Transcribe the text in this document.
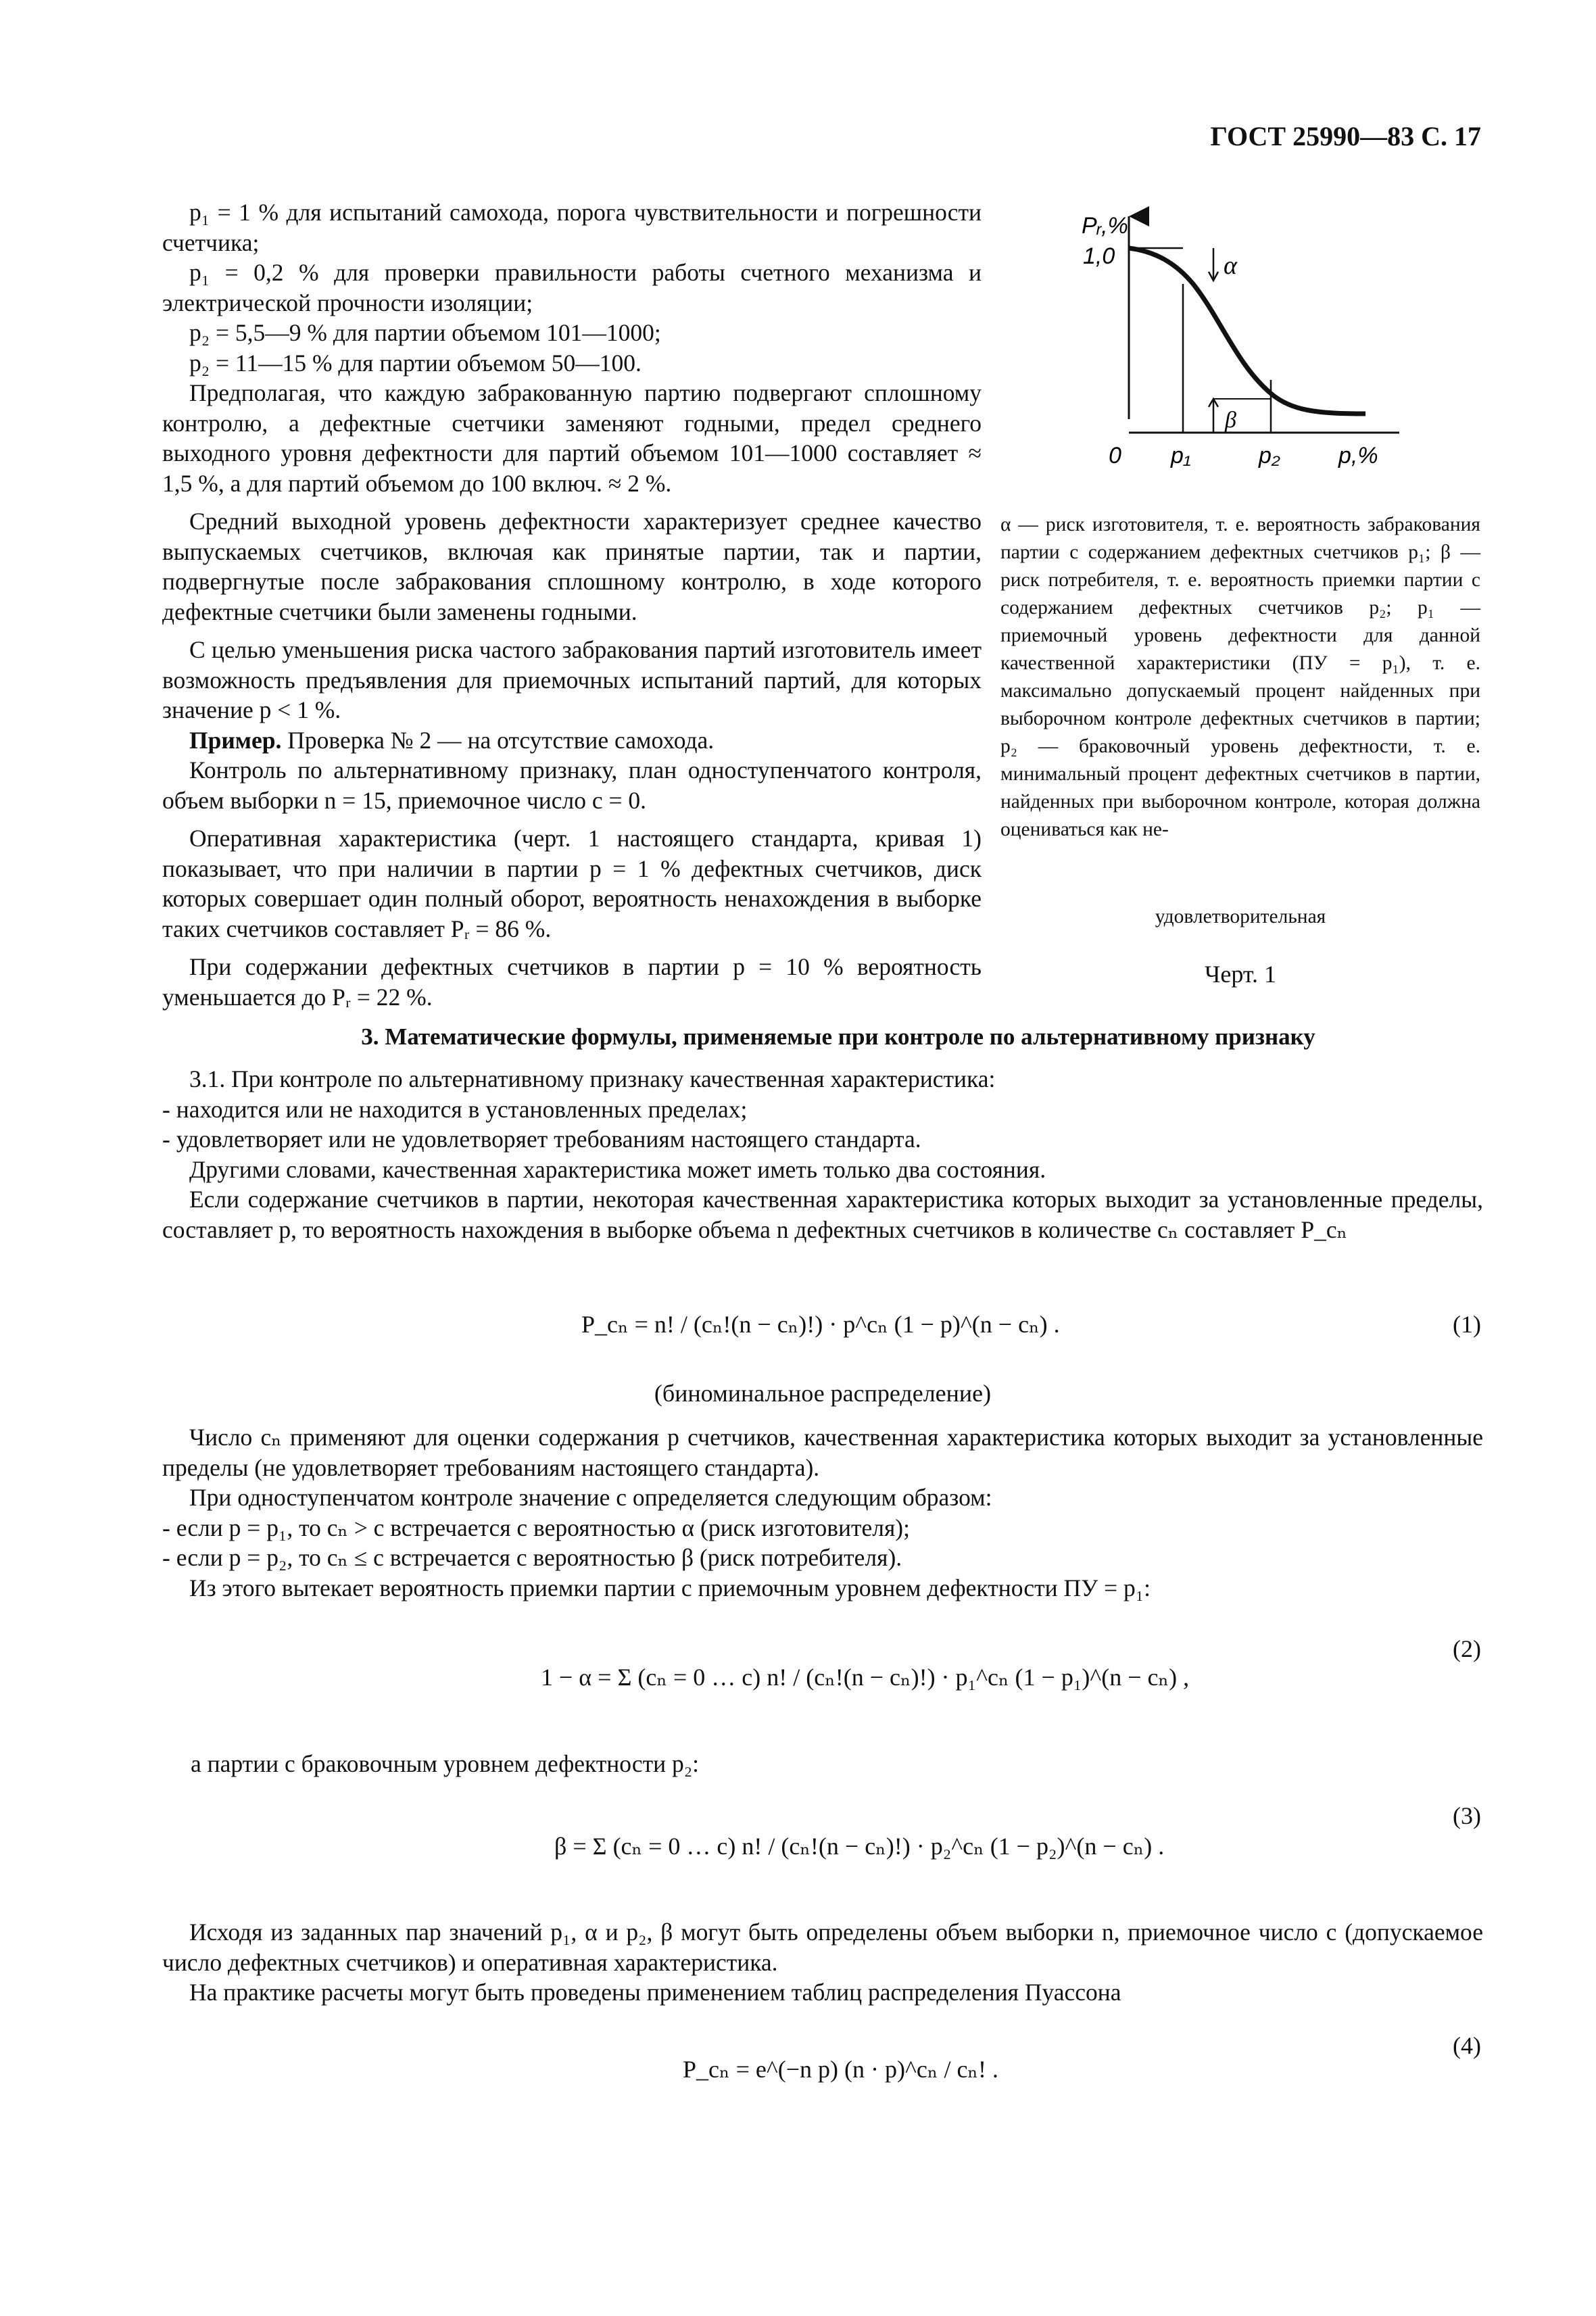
ГОСТ 25990—83 С. 17

p₁ = 1 % для испытаний самохода, порога чувствительности и погрешности счетчика;

p₁ = 0,2 % для проверки правильности работы счетного механизма и электрической прочности изоляции;

p₂ = 5,5—9 % для партии объемом 101—1000;

p₂ = 11—15 % для партии объемом 50—100.

Предполагая, что каждую забракованную партию подвергают сплошному контролю, а дефектные счетчики заменяют годными, предел среднего выходного уровня дефектности для партий объемом 101—1000 составляет ≈ 1,5 %, а для партий объемом до 100 включ. ≈ 2 %.

Средний выходной уровень дефектности характеризует среднее качество выпускаемых счетчиков, включая как принятые партии, так и партии, подвергнутые после забракования сплошному контролю, в ходе которого дефектные счетчики были заменены годными.

С целью уменьшения риска частого забракования партий изготовитель имеет возможность предъявления для приемочных испытаний партий, для которых значение p < 1 %.

Пример. Проверка № 2 — на отсутствие самохода.

Контроль по альтернативному признаку, план одноступенчатого контроля, объем выборки n = 15, приемочное число c = 0.

Оперативная характеристика (черт. 1 настоящего стандарта, кривая 1) показывает, что при наличии в партии p = 1 % дефектных счетчиков, диск которых совершает один полный оборот, вероятность ненахождения в выборке таких счетчиков составляет Pᵣ = 86 %.

При содержании дефектных счетчиков в партии p = 10 % вероятность уменьшается до Pᵣ = 22 %.

Pᵣ,%
1,0	α
β
0 p₁	p₂	p,%
α — риск изготовителя, т. е. вероятность забракования партии с содержанием дефектных счетчиков p₁; β — риск потребителя, т. е. вероятность приемки партии с содержанием дефектных счетчиков p₂; p₁ — приемочный уровень дефектности для данной качественной характеристики (ПУ = p₁), т. е. максимально допускаемый процент найденных при выборочном контроле дефектных счетчиков в партии; p₂ — браковочный уровень дефектности, т. е. минимальный процент дефектных счетчиков в партии, найденных при выборочном контроле, которая должна оцениваться как не-
удовлетворительная
Черт. 1
3. Математические формулы, применяемые при контроле по альтернативному признаку

3.1. При контроле по альтернативному признаку качественная характеристика:

- находится или не находится в установленных пределах;

- удовлетворяет или не удовлетворяет требованиям настоящего стандарта.

Другими словами, качественная характеристика может иметь только два состояния.

Если содержание счетчиков в партии, некоторая качественная характеристика которых выходит за установленные пределы, составляет p, то вероятность нахождения в выборке объема n дефектных счетчиков в количестве cₙ составляет P_cₙ

P_cₙ = n! / (cₙ!(n − cₙ)!) · p^cₙ (1 − p)^(n − cₙ) .	(1)
(биноминальное распределение)

Число cₙ применяют для оценки содержания p счетчиков, качественная характеристика которых выходит за установленные пределы (не удовлетворяет требованиям настоящего стандарта).

При одноступенчатом контроле значение c определяется следующим образом:

- если p = p₁, то cₙ > c встречается с вероятностью α (риск изготовителя);

- если p = p₂, то cₙ ≤ c встречается с вероятностью β (риск потребителя).

Из этого вытекает вероятность приемки партии с приемочным уровнем дефектности ПУ = p₁:

1 − α = Σ (cₙ = 0 … c) n! / (cₙ!(n − cₙ)!) · p₁^cₙ (1 − p₁)^(n − cₙ) ,
(2)
а партии с браковочным уровнем дефектности p₂:
β = Σ (cₙ = 0 … c) n! / (cₙ!(n − cₙ)!) · p₂^cₙ (1 − p₂)^(n − cₙ) .
(3)

Исходя из заданных пар значений p₁, α и p₂, β могут быть определены объем выборки n, приемочное число c (допускаемое число дефектных счетчиков) и оперативная характеристика.

На практике расчеты могут быть проведены применением таблиц распределения Пуассона

P_cₙ = e^(−n p) (n · p)^cₙ / cₙ! .
(4)
